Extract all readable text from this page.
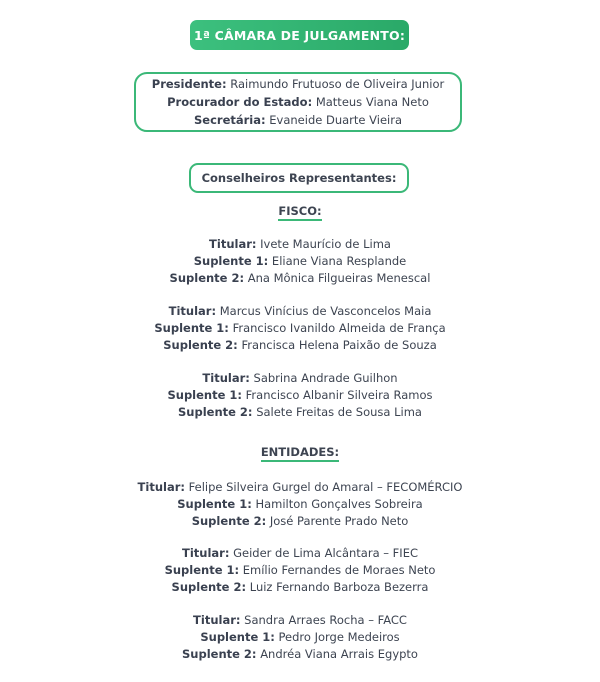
1ª CÂMARA DE JULGAMENTO:
Presidente: Raimundo Frutuoso de Oliveira Junior
Procurador do Estado: Matteus Viana Neto
Secretária: Evaneide Duarte Vieira
Conselheiros Representantes:
FISCO:
Titular: Ivete Maurício de Lima
Suplente 1: Eliane Viana Resplande
Suplente 2: Ana Mônica Filgueiras Menescal
Titular: Marcus Vinícius de Vasconcelos Maia
Suplente 1: Francisco Ivanildo Almeida de França
Suplente 2: Francisca Helena Paixão de Souza
Titular: Sabrina Andrade Guilhon
Suplente 1: Francisco Albanir Silveira Ramos
Suplente 2: Salete Freitas de Sousa Lima
ENTIDADES:
Titular: Felipe Silveira Gurgel do Amaral – FECOMÉRCIO
Suplente 1: Hamilton Gonçalves Sobreira
Suplente 2: José Parente Prado Neto
Titular: Geider de Lima Alcântara – FIEC
Suplente 1: Emílio Fernandes de Moraes Neto
Suplente 2: Luiz Fernando Barboza Bezerra
Titular: Sandra Arraes Rocha – FACC
Suplente 1: Pedro Jorge Medeiros
Suplente 2: Andréa Viana Arrais Egypto
